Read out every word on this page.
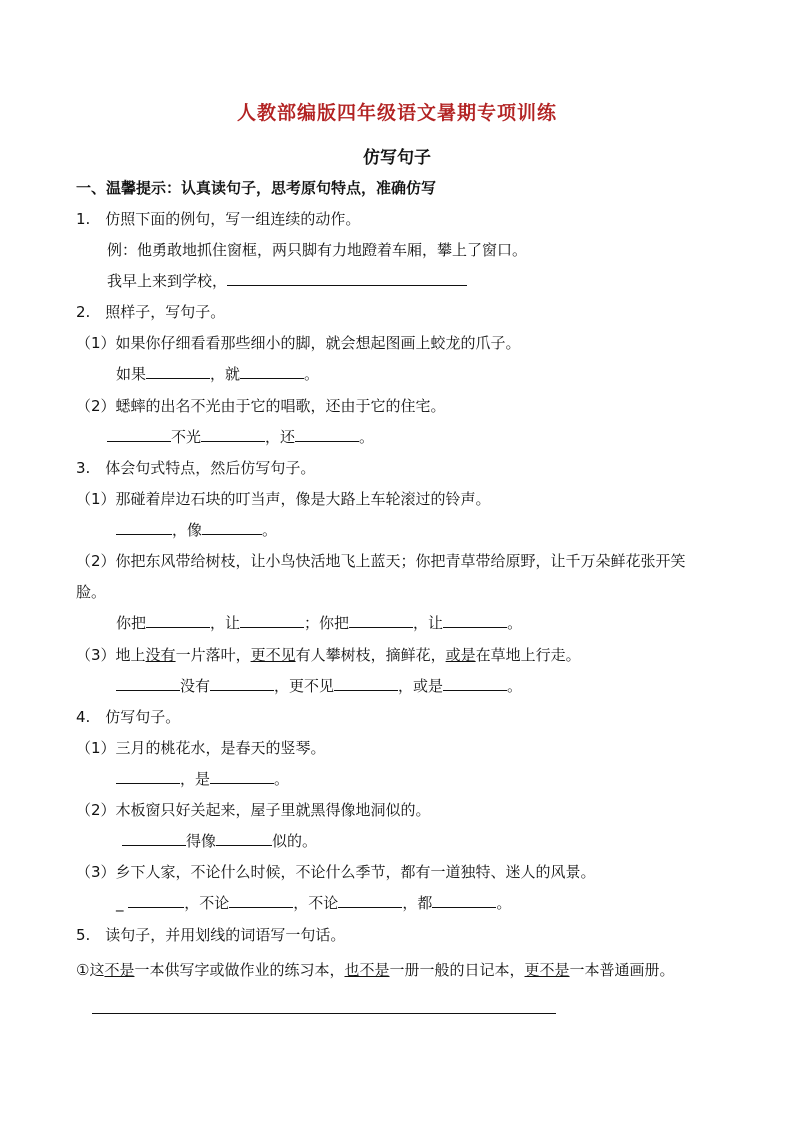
人教部编版四年级语文暑期专项训练
仿写句子
一、温馨提示：认真读句子，思考原句特点，准确仿写
1.　仿照下面的例句，写一组连续的动作。
例：他勇敢地抓住窗框，两只脚有力地蹬着车厢，攀上了窗口。
我早上来到学校，
2.　照样子，写句子。
（1）如果你仔细看看那些细小的脚，就会想起图画上蛟龙的爪子。
如果	，就	。
（2）蟋蟀的出名不光由于它的唱歌，还由于它的住宅。
不光	，还	。
3.　体会句式特点，然后仿写句子。
（1）那碰着岸边石块的叮当声，像是大路上车轮滚过的铃声。
，像	。
（2）你把东风带给树枝，让小鸟快活地飞上蓝天；你把青草带给原野，让千万朵鲜花张开笑
脸。
你把	，让	；你把	，让	。
（3）地上没有一片落叶，更不见有人攀树枝，摘鲜花，或是在草地上行走。
没有	，更不见	，或是	。
4.　仿写句子。
（1）三月的桃花水，是春天的竖琴。
，是	。
（2）木板窗只好关起来，屋子里就黑得像地洞似的。
得像	似的。
（3）乡下人家，不论什么时候，不论什么季节，都有一道独特、迷人的风景。
_	，不论	，不论	，都	。
5.　读句子，并用划线的词语写一句话。
①这不是一本供写字或做作业的练习本，也不是一册一般的日记本，更不是一本普通画册。
